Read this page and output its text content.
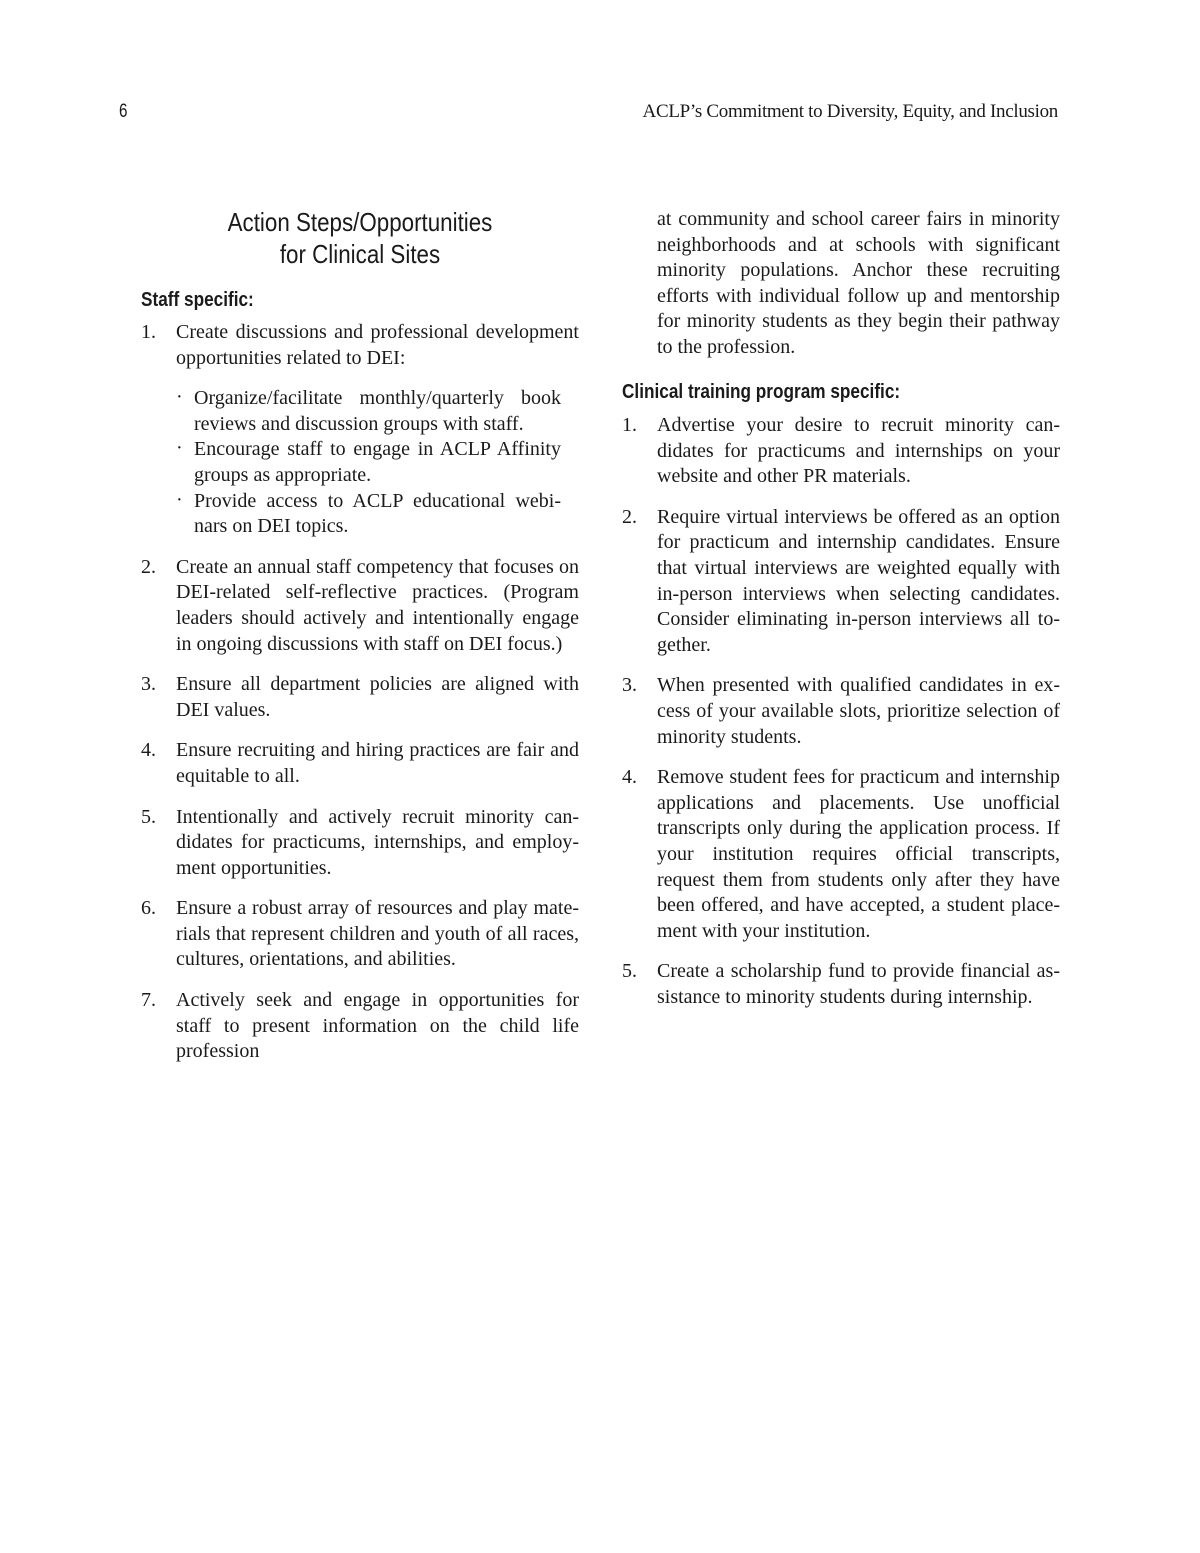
6	ACLP’s Commitment to Diversity, Equity, and Inclusion
Action Steps/Opportunities
for Clinical Sites
Staff specific:
1. Create discussions and professional development opportunities related to DEI:
· Organize/facilitate monthly/quarterly book reviews and discussion groups with staff.
· Encourage staff to engage in ACLP Affinity groups as appropriate.
· Provide access to ACLP educational webinars on DEI topics.
2. Create an annual staff competency that focuses on DEI-related self-reflective practices. (Program leaders should actively and intentionally engage in ongoing discussions with staff on DEI focus.)
3. Ensure all department policies are aligned with DEI values.
4. Ensure recruiting and hiring practices are fair and equitable to all.
5. Intentionally and actively recruit minority candidates for practicums, internships, and employment opportunities.
6. Ensure a robust array of resources and play materials that represent children and youth of all races, cultures, orientations, and abilities.
7. Actively seek and engage in opportunities for staff to present information on the child life profession
at community and school career fairs in minority neighborhoods and at schools with significant minority populations. Anchor these recruiting efforts with individual follow up and mentorship for minority students as they begin their pathway to the profession.
Clinical training program specific:
1. Advertise your desire to recruit minority candidates for practicums and internships on your website and other PR materials.
2. Require virtual interviews be offered as an option for practicum and internship candidates. Ensure that virtual interviews are weighted equally with in-person interviews when selecting candidates. Consider eliminating in-person interviews all together.
3. When presented with qualified candidates in excess of your available slots, prioritize selection of minority students.
4. Remove student fees for practicum and internship applications and placements. Use unofficial transcripts only during the application process. If your institution requires official transcripts, request them from students only after they have been offered, and have accepted, a student placement with your institution.
5. Create a scholarship fund to provide financial assistance to minority students during internship.
